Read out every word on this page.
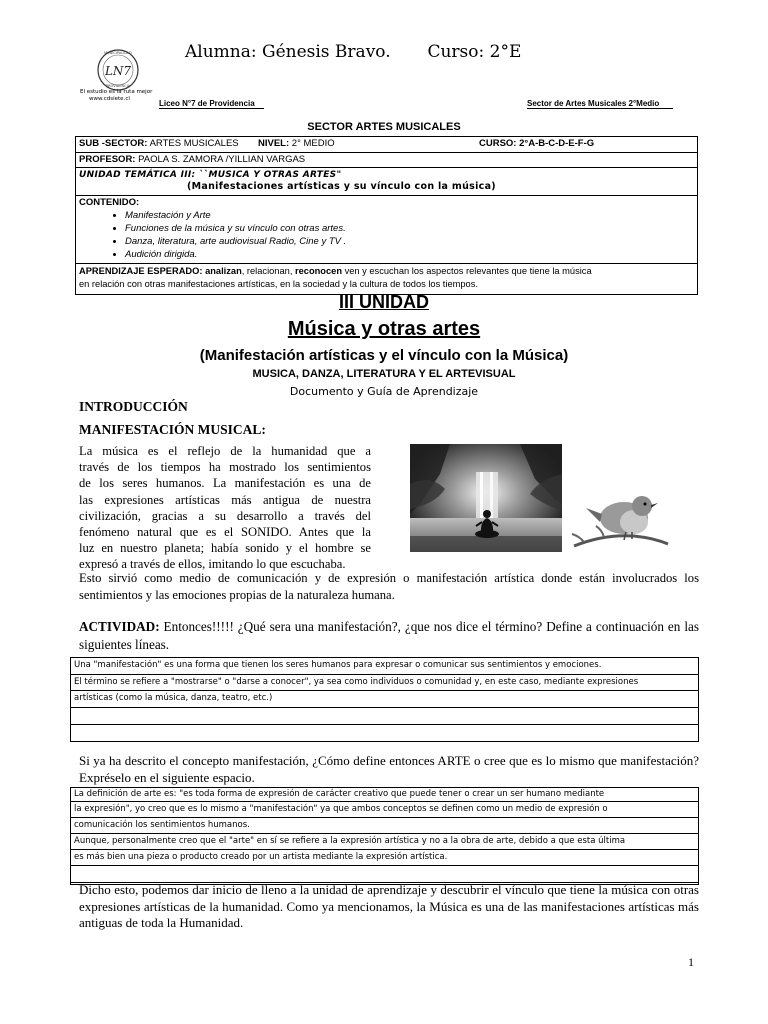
Alumna: Génesis Bravo. Curso: 2°E
LN7
MUNICIPALIDAD
PROVIDENCIA
El estudio es la ruta mejor
www.cdsiete.cl	Liceo N°7 de Providencia	Sector de Artes Musicales 2°Medio
SECTOR ARTES MUSICALES
SUB -SECTOR: ARTES MUSICALES NIVEL: 2° MEDIO	CURSO: 2°A-B-C-D-E-F-G
PROFESOR: PAOLA S. ZAMORA /YILLIAN VARGAS
UNIDAD TEMÁTICA III: ``MUSICA Y OTRAS ARTES"
(Manifestaciones artísticas y su vínculo con la música)
CONTENIDO:
• Manifestación y Arte
• Funciones de la música y su vínculo con otras artes.
• Danza, literatura, arte audiovisual Radio, Cine y TV .
• Audición dirigida.
APRENDIZAJE ESPERADO: analizan, relacionan, reconocen ven y escuchan los aspectos relevantes que tiene la música
en relación con otras manifestaciones artísticas, en la sociedad y la cultura de todos los tiempos.
III UNIDAD
Música y otras artes
(Manifestación artísticas y el vínculo con la Música)
MUSICA, DANZA, LITERATURA Y EL ARTEVISUAL
Documento y Guía de Aprendizaje
INTRODUCCIÓN
MANIFESTACIÓN MUSICAL:
La música es el reflejo de la humanidad que a
través de los tiempos ha mostrado los sentimientos
de los seres humanos. La manifestación es una de
las expresiones artísticas más antigua de nuestra
civilización, gracias a su desarrollo a través del
fenómeno natural que es el SONIDO. Antes que la
luz en nuestro planeta; había sonido y el hombre se
expresó a través de ellos, imitando lo que escuchaba.
Esto sirvió como medio de comunicación y de expresión o manifestación artística donde están involucrados los sentimientos y las emociones propias de la naturaleza humana.
ACTIVIDAD: Entonces!!!!! ¿Qué sera una manifestación?, ¿que nos dice el término? Define a continuación en las siguientes líneas.
Una "manifestación" es una forma que tienen los seres humanos para expresar o comunicar sus sentimientos y emociones.
El término se refiere a "mostrarse" o "darse a conocer", ya sea como individuos o comunidad y, en este caso, mediante expresiones
artísticas (como la música, danza, teatro, etc.)
Si ya ha descrito el concepto manifestación, ¿Cómo define entonces ARTE o cree que es lo mismo que manifestación? Expréselo en el siguiente espacio.
La definición de arte es: "es toda forma de expresión de carácter creativo que puede tener o crear un ser humano mediante
la expresión", yo creo que es lo mismo a "manifestación" ya que ambos conceptos se definen como un medio de expresión o
comunicación los sentimientos humanos.
Aunque, personalmente creo que el "arte" en sí se refiere a la expresión artística y no a la obra de arte, debido a que esta última
es más bien una pieza o producto creado por un artista mediante la expresión artística.
Dicho esto, podemos dar inicio de lleno a la unidad de aprendizaje y descubrir el vínculo que tiene la música con otras expresiones artísticas de la humanidad. Como ya mencionamos, la Música es una de las manifestaciones artísticas más antiguas de toda la Humanidad.
1
